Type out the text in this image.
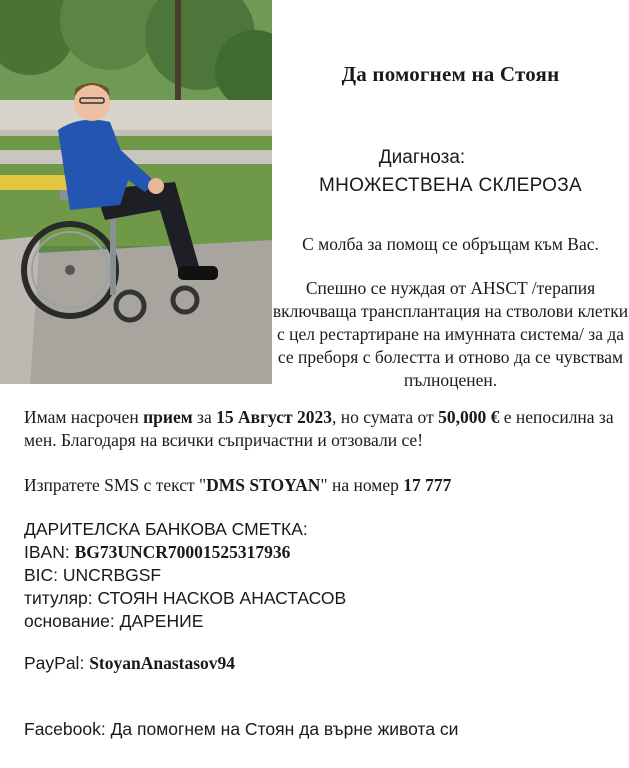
Да помогнем на Стоян
Диагноза:
МНОЖЕСТВЕНА СКЛЕРОЗА
С молба за помощ се обръщам към Вас.
Спешно се нуждая от AHSCT /терапия включваща трансплантация на стволови клетки с цел рестартиране на имунната система/ за да се преборя с болестта и отново да се чувствам пълноценен.
Имам насрочен прием за 15 Август 2023, но сумата от 50,000 € е непосилна за мен. Благодаря на всички съпричастни и отзовали се!
Изпратете SMS с текст "DMS STOYAN" на номер 17 777
ДАРИТЕЛСКА БАНКОВА СМЕТКА:
IBAN: BG73UNCR70001525317936
BIC: UNCRBGSF
титуляр: СТОЯН НАСКОВ АНАСТАСОВ
основание: ДАРЕНИЕ
PayPal: StoyanAnastasov94
Facebook: Да помогнем на Стоян да върне живота си
